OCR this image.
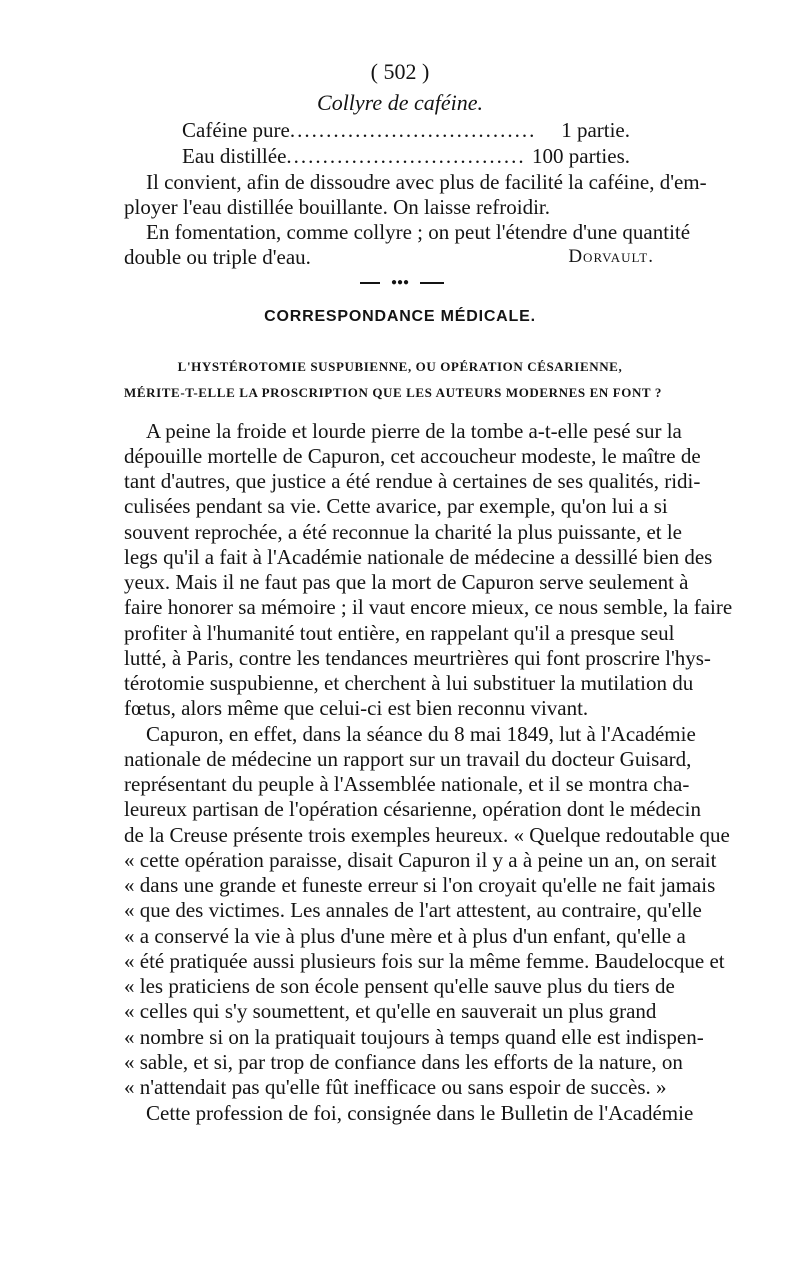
( 502 )
Collyre de caféine.
Caféine pure .....	1 partie.
Eau distillée .....	100 parties.
Il convient, afin de dissoudre avec plus de facilité la caféine, d'em-
ployer l'eau distillée bouillante. On laisse refroidir.
En fomentation, comme collyre ; on peut l'étendre d'une quantité
double ou triple d'eau.	Dorvault.
●●●
CORRESPONDANCE MÉDICALE.
L'HYSTÉROTOMIE SUSPUBIENNE, OU OPÉRATION CÉSARIENNE,
MÉRITE-T-ELLE LA PROSCRIPTION QUE LES AUTEURS MODERNES EN FONT ?
A peine la froide et lourde pierre de la tombe a-t-elle pesé sur la
dépouille mortelle de Capuron, cet accoucheur modeste, le maître de
tant d'autres, que justice a été rendue à certaines de ses qualités, ridi-
culisées pendant sa vie. Cette avarice, par exemple, qu'on lui a si
souvent reprochée, a été reconnue la charité la plus puissante, et le
legs qu'il a fait à l'Académie nationale de médecine a dessillé bien des
yeux. Mais il ne faut pas que la mort de Capuron serve seulement à
faire honorer sa mémoire ; il vaut encore mieux, ce nous semble, la faire
profiter à l'humanité tout entière, en rappelant qu'il a presque seul
lutté, à Paris, contre les tendances meurtrières qui font proscrire l'hys-
térotomie suspubienne, et cherchent à lui substituer la mutilation du
fœtus, alors même que celui-ci est bien reconnu vivant.
Capuron, en effet, dans la séance du 8 mai 1849, lut à l'Académie
nationale de médecine un rapport sur un travail du docteur Guisard,
représentant du peuple à l'Assemblée nationale, et il se montra cha-
leureux partisan de l'opération césarienne, opération dont le médecin
de la Creuse présente trois exemples heureux. « Quelque redoutable que
« cette opération paraisse, disait Capuron il y a à peine un an, on serait
« dans une grande et funeste erreur si l'on croyait qu'elle ne fait jamais
« que des victimes. Les annales de l'art attestent, au contraire, qu'elle
« a conservé la vie à plus d'une mère et à plus d'un enfant, qu'elle a
« été pratiquée aussi plusieurs fois sur la même femme. Baudelocque et
« les praticiens de son école pensent qu'elle sauve plus du tiers de
« celles qui s'y soumettent, et qu'elle en sauverait un plus grand
« nombre si on la pratiquait toujours à temps quand elle est indispen-
« sable, et si, par trop de confiance dans les efforts de la nature, on
« n'attendait pas qu'elle fût inefficace ou sans espoir de succès. »
Cette profession de foi, consignée dans le Bulletin de l'Académie
